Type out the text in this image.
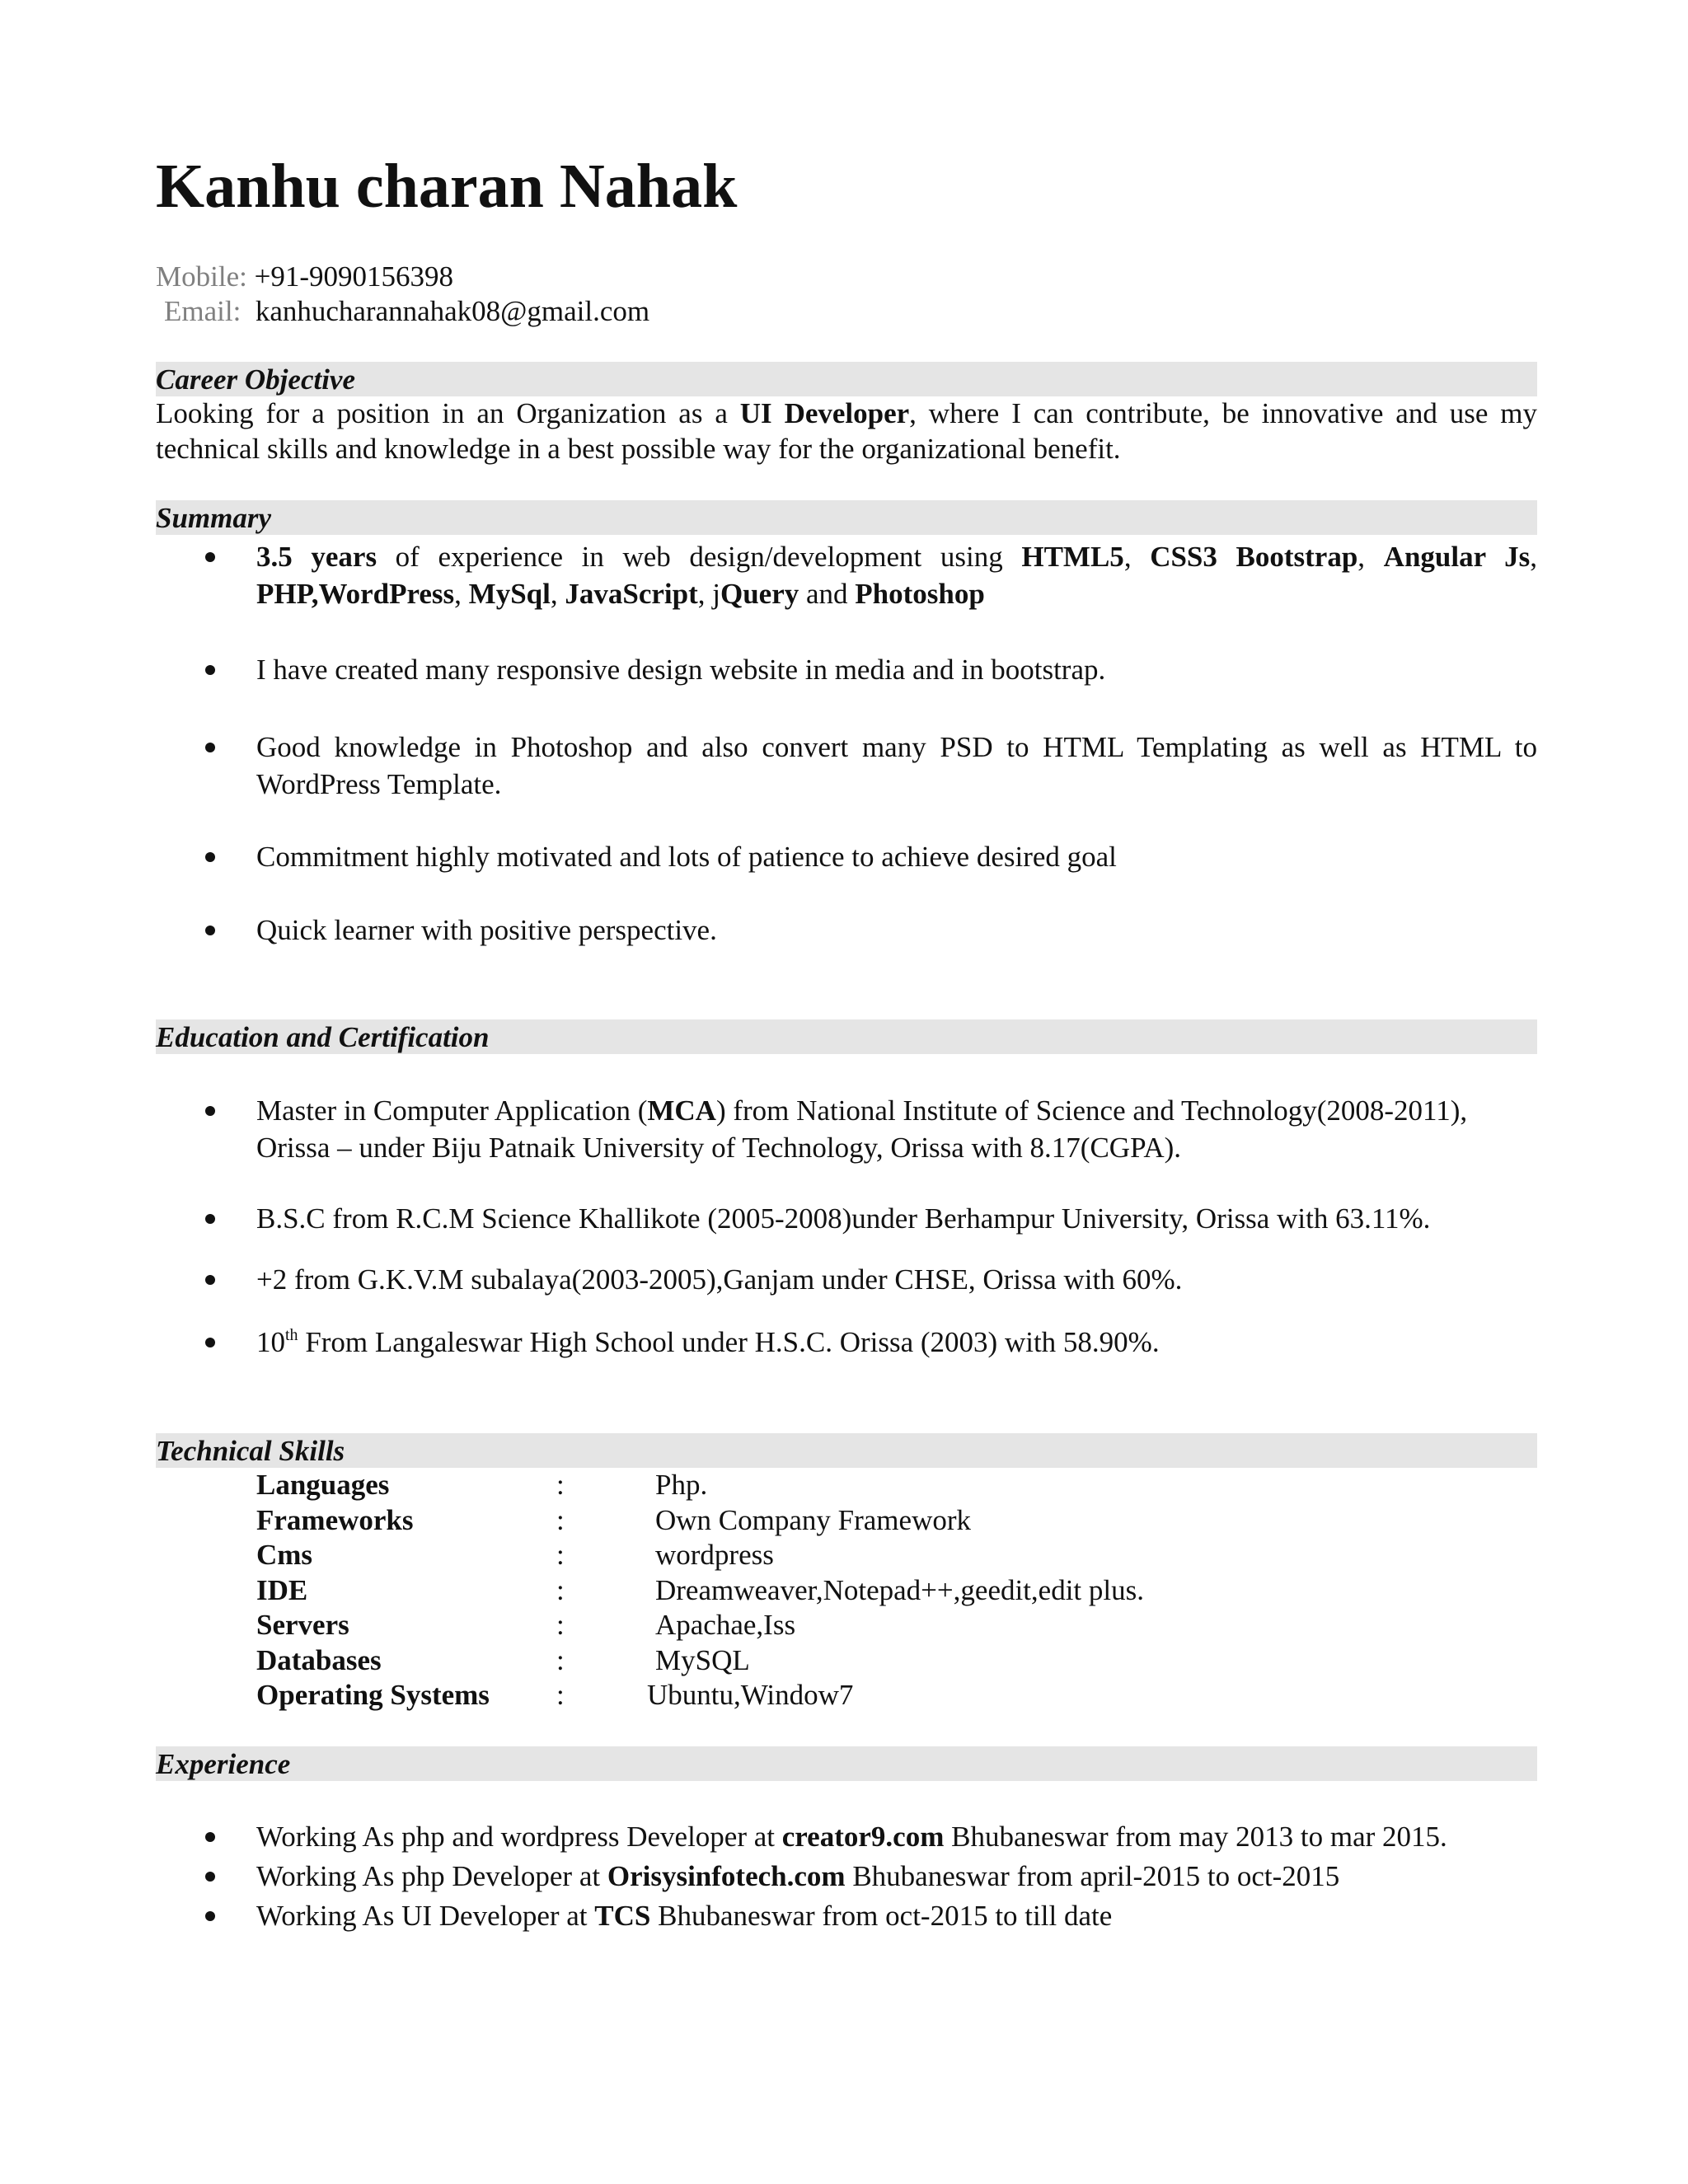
Kanhu charan Nahak
Mobile: +91-9090156398
Email: kanhucharannahak08@gmail.com
Career Objective

Looking for a position in an Organization as a UI Developer, where I can contribute, be innovative and use my technical skills and knowledge in a best possible way for the organizational benefit.

Summary
3.5 years of experience in web design/development using HTML5, CSS3 Bootstrap, Angular Js, PHP,WordPress, MySql, JavaScript, jQuery and Photoshop
I have created many responsive design website in media and in bootstrap.
Good knowledge in Photoshop and also convert many PSD to HTML Templating as well as HTML to WordPress Template.
Commitment highly motivated and lots of patience to achieve desired goal
Quick learner with positive perspective.
Education and Certification
Master in Computer Application (MCA) from National Institute of Science and Technology(2008-2011), Orissa – under Biju Patnaik University of Technology, Orissa with 8.17(CGPA).
B.S.C from R.C.M Science Khallikote (2005-2008)under Berhampur University, Orissa with 63.11%.
+2 from G.K.V.M subalaya(2003-2005),Ganjam under CHSE, Orissa with 60%.
10th From Langaleswar High School under H.S.C. Orissa (2003) with 58.90%.
Technical Skills
Languages	:	Php.
Frameworks	:	Own Company Framework
Cms	:	wordpress
IDE	:	Dreamweaver,Notepad++,geedit,edit plus.
Servers	:	Apachae,Iss
Databases	:	MySQL
Operating Systems :	Ubuntu,Window7
Experience
Working As php and wordpress Developer at creator9.com Bhubaneswar from may 2013 to mar 2015.
Working As php Developer at Orisysinfotech.com Bhubaneswar from april-2015 to oct-2015
Working As UI Developer at TCS Bhubaneswar from oct-2015 to till date
